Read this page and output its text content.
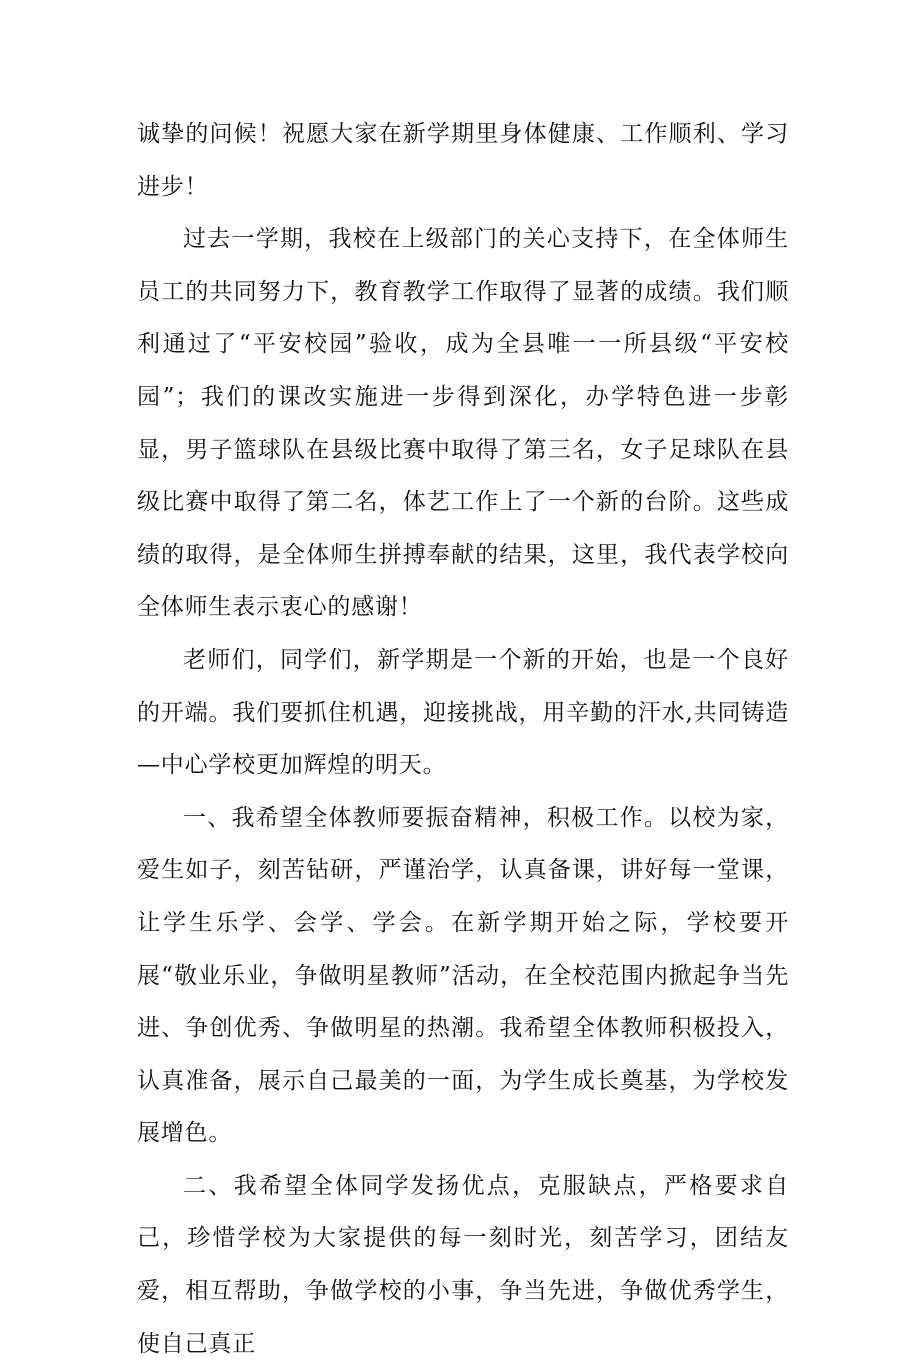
诚挚的问候！祝愿大家在新学期里身体健康、工作顺利、学习进步！

过去一学期，我校在上级部门的关心支持下，在全体师生员工的共同努力下，教育教学工作取得了显著的成绩。我们顺利通过了“平安校园”验收，成为全县唯一一所县级“平安校园”；我们的课改实施进一步得到深化，办学特色进一步彰显，男子篮球队在县级比赛中取得了第三名，女子足球队在县级比赛中取得了第二名，体艺工作上了一个新的台阶。这些成绩的取得，是全体师生拼搏奉献的结果，这里，我代表学校向全体师生表示衷心的感谢！

老师们，同学们，新学期是一个新的开始，也是一个良好的开端。我们要抓住机遇，迎接挑战，用辛勤的汗水,共同铸造—中心学校更加辉煌的明天。

一、我希望全体教师要振奋精神，积极工作。以校为家，爱生如子，刻苦钻研，严谨治学，认真备课，讲好每一堂课，让学生乐学、会学、学会。在新学期开始之际，学校要开展“敬业乐业，争做明星教师”活动，在全校范围内掀起争当先进、争创优秀、争做明星的热潮。我希望全体教师积极投入，认真准备，展示自己最美的一面，为学生成长奠基，为学校发展增色。

二、我希望全体同学发扬优点，克服缺点，严格要求自己，珍惜学校为大家提供的每一刻时光，刻苦学习，团结友爱，相互帮助，争做学校的小事，争当先进，争做优秀学生，使自己真正
